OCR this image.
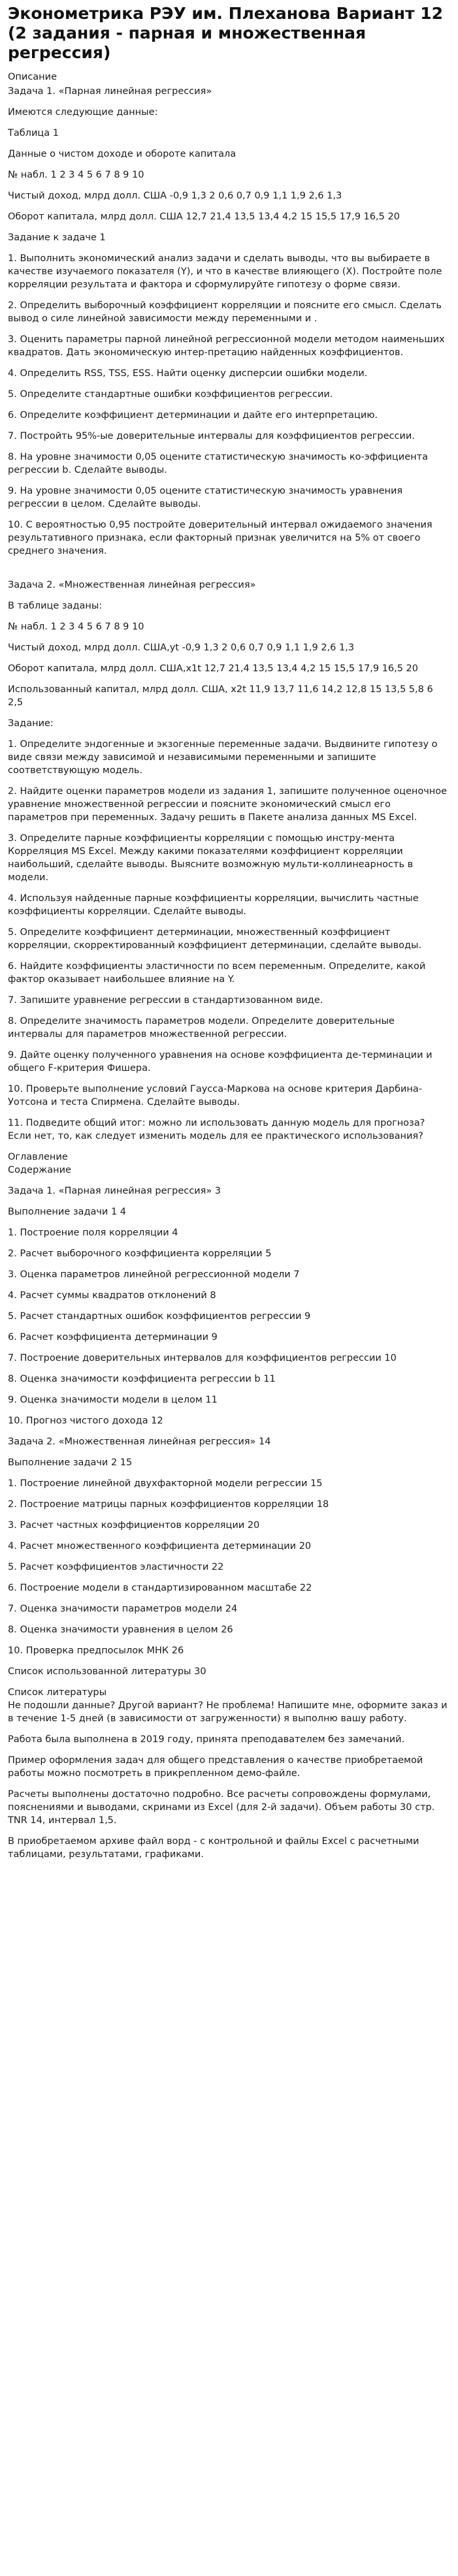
Эконометрика РЭУ им. Плеханова Вариант 12 (2 задания - парная и множественная регрессия)
Описание

Задача 1. «Парная линейная регрессия»

Имеются следующие данные:

Таблица 1

Данные о чистом доходе и обороте капитала

№ набл. 1 2 3 4 5 6 7 8 9 10

Чистый доход, млрд долл. США -0,9 1,3 2 0,6 0,7 0,9 1,1 1,9 2,6 1,3

Оборот капитала, млрд долл. США 12,7 21,4 13,5 13,4 4,2 15 15,5 17,9 16,5 20

Задание к задаче 1

1. Выполнить экономический анализ задачи и сделать выводы, что вы выбираете в качестве изучаемого показателя (Y), и что в качестве влияющего (X). Постройте поле корреляции результата и фактора и сформулируйте гипотезу о форме связи.

2. Определить выборочный коэффициент корреляции и поясните его смысл. Сделать вывод о силе линейной зависимости между переменными и .

3. Оценить параметры парной линейной регрессионной модели методом наименьших квадратов. Дать экономическую интер-претацию найденных коэффициентов.

4. Определить RSS, TSS, ESS. Найти оценку дисперсии ошибки модели.

5. Определите стандартные ошибки коэффициентов регрессии.

6. Определите коэффициент детерминации и дайте его интерпретацию.

7. Постройть 95%-ые доверительные интервалы для коэффициентов регрессии.

8. На уровне значимости 0,05 оцените статистическую значимость ко-эффициента регрессии b. Сделайте выводы.

9. На уровне значимости 0,05 оцените статистическую значимость уравнения регрессии в целом. Сделайте выводы.

10. С вероятностью 0,95 постройте доверительный интервал ожидаемого значения результативного признака, если факторный признак увеличится на 5% от своего среднего значения.

Задача 2. «Множественная линейная регрессия»

В таблице заданы:

№ набл. 1 2 3 4 5 6 7 8 9 10

Чистый доход, млрд долл. США,yt -0,9 1,3 2 0,6 0,7 0,9 1,1 1,9 2,6 1,3

Оборот капитала, млрд долл. США,x1t 12,7 21,4 13,5 13,4 4,2 15 15,5 17,9 16,5 20

Использованный капитал, млрд долл. США, x2t 11,9 13,7 11,6 14,2 12,8 15 13,5 5,8 6 2,5

Задание:

1. Определите эндогенные и экзогенные переменные задачи. Выдвините гипотезу о виде связи между зависимой и независимыми переменными и запишите соответствующую модель.

2. Найдите оценки параметров модели из задания 1, запишите полученное оценочное уравнение множественной регрессии и поясните экономический смысл его параметров при переменных. Задачу решить в Пакете анализа данных MS Excel.

3. Определите парные коэффициенты корреляции с помощью инстру-мента Корреляция MS Excel. Между какими показателями коэффициент корреляции наибольший, сделайте выводы. Выясните возможную мульти-коллинеарность в модели.

4. Используя найденные парные коэффициенты корреляции, вычислить частные коэффициенты корреляции. Сделайте выводы.

5. Определите коэффициент детерминации, множественный коэффициент корреляции, скорректированный коэффициент детерминации, сделайте выводы.

6. Найдите коэффициенты эластичности по всем переменным. Определите, какой фактор оказывает наибольшее влияние на Y.

7. Запишите уравнение регрессии в стандартизованном виде.

8. Определите значимость параметров модели. Определите доверительные интервалы для параметров множественной регрессии.

9. Дайте оценку полученного уравнения на основе коэффициента де-терминации и общего F-критерия Фишера.

10. Проверьте выполнение условий Гаусса-Маркова на основе критерия Дарбина-Уотсона и теста Спирмена. Сделайте выводы.

11. Подведите общий итог: можно ли использовать данную модель для прогноза? Если нет, то, как следует изменить модель для ее практического использования?

Оглавление

Содержание

Задача 1. «Парная линейная регрессия» 3

Выполнение задачи 1 4

1. Построение поля корреляции 4

2. Расчет выборочного коэффициента корреляции 5

3. Оценка параметров линейной регрессионной модели 7

4. Расчет суммы квадратов отклонений 8

5. Расчет стандартных ошибок коэффициентов регрессии 9

6. Расчет коэффициента детерминации 9

7. Построение доверительных интервалов для коэффициентов регрессии 10

8. Оценка значимости коэффициента регрессии b 11

9. Оценка значимости модели в целом 11

10. Прогноз чистого дохода 12

Задача 2. «Множественная линейная регрессия» 14

Выполнение задачи 2 15

1. Построение линейной двухфакторной модели регрессии 15

2. Построение матрицы парных коэффициентов корреляции 18

3. Расчет частных коэффициентов корреляции 20

4. Расчет множественного коэффициента детерминации 20

5. Расчет коэффициентов эластичности 22

6. Построение модели в стандартизированном масштабе 22

7. Оценка значимости параметров модели 24

8. Оценка значимости уравнения в целом 26

10. Проверка предпосылок МНК 26

Список использованной литературы 30

Список литературы

Не подошли данные? Другой вариант? Не проблема! Напишите мне, оформите заказ и в течение 1-5 дней (в зависимости от загруженности) я выполню вашу работу.

Работа была выполнена в 2019 году, принята преподавателем без замечаний.

Пример оформления задач для общего представления о качестве приобретаемой работы можно посмотреть в прикрепленном демо-файле.

Расчеты выполнены достаточно подробно. Все расчеты сопровождены формулами, пояснениями и выводами, скринами из Excel (для 2-й задачи). Объем работы 30 стр. TNR 14, интервал 1,5.

В приобретаемом архиве файл ворд - с контрольной и файлы Excel с расчетными таблицами, результатами, графиками.
